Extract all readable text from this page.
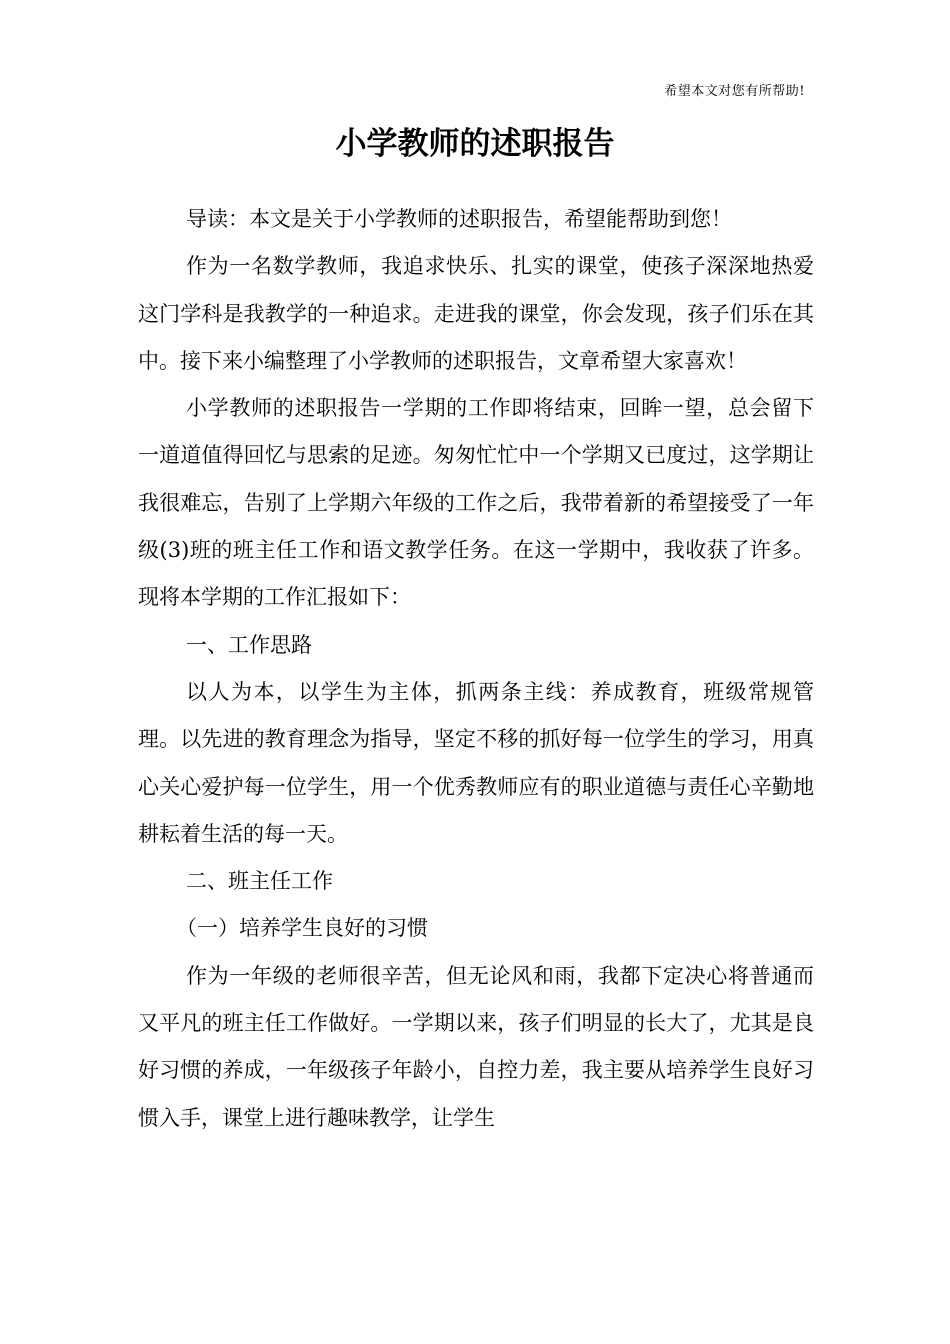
希望本文对您有所帮助!
小学教师的述职报告

导读：本文是关于小学教师的述职报告，希望能帮助到您！

作为一名数学教师，我追求快乐、扎实的课堂，使孩子深深地热爱这门学科是我教学的一种追求。走进我的课堂，你会发现，孩子们乐在其中。接下来小编整理了小学教师的述职报告，文章希望大家喜欢！

小学教师的述职报告一学期的工作即将结束，回眸一望，总会留下一道道值得回忆与思索的足迹。匆匆忙忙中一个学期又已度过，这学期让我很难忘，告别了上学期六年级的工作之后，我带着新的希望接受了一年级(3)班的班主任工作和语文教学任务。在这一学期中，我收获了许多。现将本学期的工作汇报如下：

一、工作思路

以人为本，以学生为主体，抓两条主线：养成教育，班级常规管理。以先进的教育理念为指导，坚定不移的抓好每一位学生的学习，用真心关心爱护每一位学生，用一个优秀教师应有的职业道德与责任心辛勤地耕耘着生活的每一天。

二、班主任工作

（一）培养学生良好的习惯

作为一年级的老师很辛苦，但无论风和雨，我都下定决心将普通而又平凡的班主任工作做好。一学期以来，孩子们明显的长大了，尤其是良好习惯的养成，一年级孩子年龄小，自控力差，我主要从培养学生良好习惯入手，课堂上进行趣味教学，让学生
